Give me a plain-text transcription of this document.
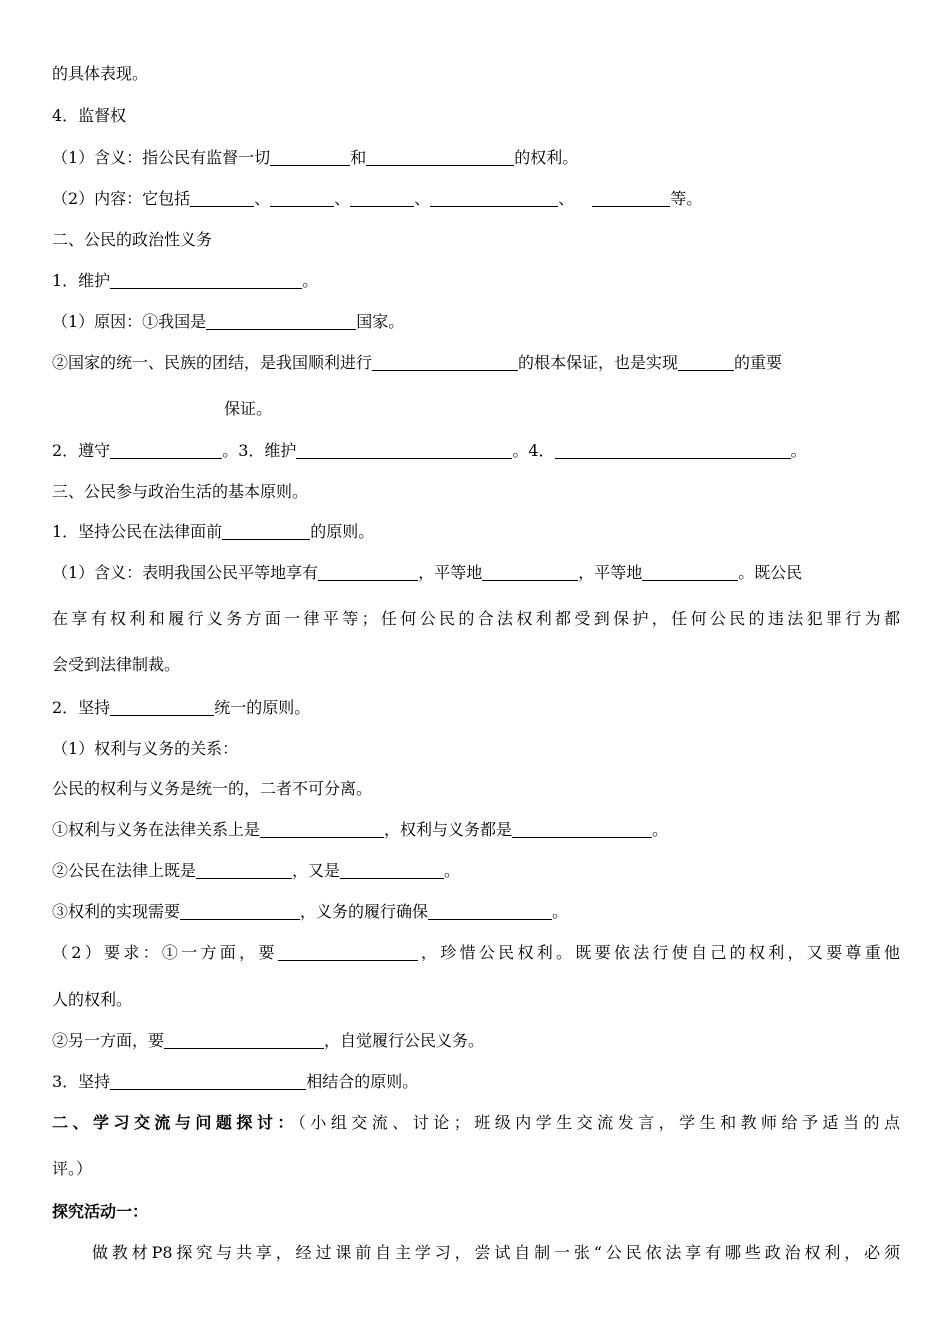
的具体表现。
4．监督权
（1）含义：指公民有监督一切	和	的权利。
（2）内容：它包括	、	、	、	、	等。
二、公民的政治性义务
1．维护	。
（1）原因：①我国是	国家。
②国家的统一、民族的团结，是我国顺利进行	的根本保证，也是实现	的重要
保证。
2．遵守	。3．维护	。4．	。
三、公民参与政治生活的基本原则。
1．坚持公民在法律面前	的原则。
（1）含义：表明我国公民平等地享有	，平等地	，平等地	。既公民
在享有权利和履行义务方面一律平等；任何公民的合法权利都受到保护，任何公民的违法犯罪行为都
会受到法律制裁。
2．坚持	统一的原则。
（1）权利与义务的关系：
公民的权利与义务是统一的，二者不可分离。
①权利与义务在法律关系上是	，权利与义务都是	。
②公民在法律上既是	，又是	。
③权利的实现需要	，义务的履行确保	。
（2）要求：①一方面，要	，珍惜公民权利。既要依法行使自己的权利，又要尊重他
人的权利。
②另一方面，要	，自觉履行公民义务。
3．坚持	相结合的原则。
二、学习交流与问题探讨：（小组交流、讨论；班级内学生交流发言，学生和教师给予适当的点
评。）
探究活动一：
做教材P8探究与共享，经过课前自主学习，尝试自制一张“公民依法享有哪些政治权利，必须
